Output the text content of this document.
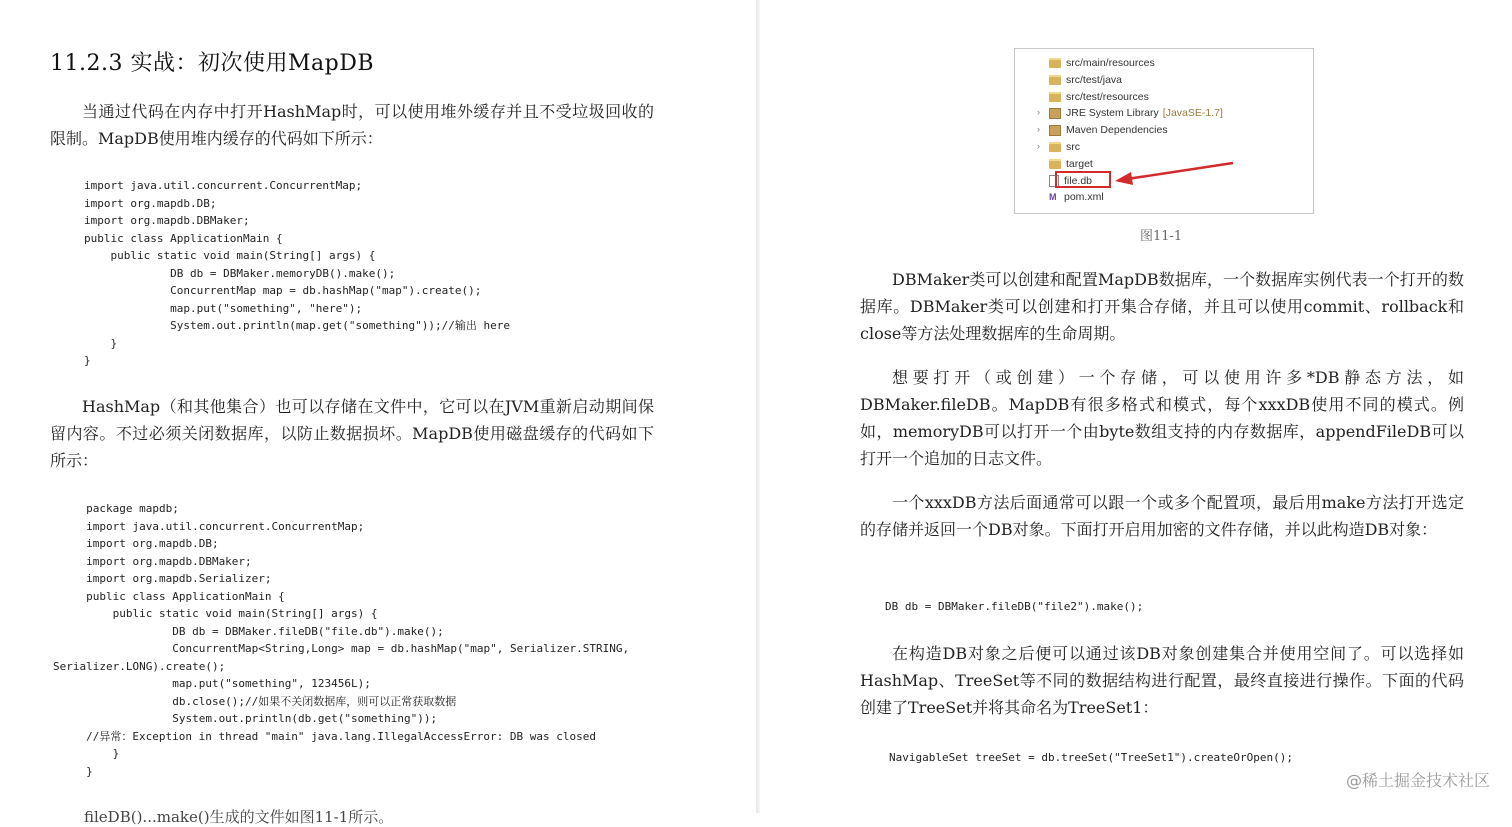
11.2.3 实战：初次使用MapDB

当通过代码在内存中打开HashMap时，可以使用堆外缓存并且不受垃圾回收的限制。MapDB使用堆内缓存的代码如下所示：

import java.util.concurrent.ConcurrentMap;
import org.mapdb.DB;
import org.mapdb.DBMaker;
public class ApplicationMain {
public static void main(String[] args) {
DB db = DBMaker.memoryDB().make();
ConcurrentMap map = db.hashMap("map").create();
map.put("something", "here");
System.out.println(map.get("something"));//输出 here
}
}

HashMap（和其他集合）也可以存储在文件中，它可以在JVM重新启动期间保留内容。不过必须关闭数据库，以防止数据损坏。MapDB使用磁盘缓存的代码如下所示：

package mapdb;
import java.util.concurrent.ConcurrentMap;
import org.mapdb.DB;
import org.mapdb.DBMaker;
import org.mapdb.Serializer;
public class ApplicationMain {
public static void main(String[] args) {
DB db = DBMaker.fileDB("file.db").make();
ConcurrentMap<String,Long> map = db.hashMap("map", Serializer.STRING,
Serializer.LONG).create();
map.put("something", 123456L);
db.close();//如果不关闭数据库，则可以正常获取数据
System.out.println(db.get("something"));
//异常：Exception in thread "main" java.lang.IllegalAccessError: DB was closed
}
}
fileDB()...make()生成的文件如图11-1所示。
src/main/resources
src/test/java
src/test/resources
› JRE System Library [JavaSE-1.7]
› Maven Dependencies
› src
target
file.db
M pom.xml
图11-1

DBMaker类可以创建和配置MapDB数据库，一个数据库实例代表一个打开的数据库。DBMaker类可以创建和打开集合存储，并且可以使用commit、rollback和close等方法处理数据库的生命周期。

想要打开（或创建）一个存储，可以使用许多*DB静态方法，如DBMaker.fileDB。MapDB有很多格式和模式，每个xxxDB使用不同的模式。例如，memoryDB可以打开一个由byte数组支持的内存数据库，appendFileDB可以打开一个追加的日志文件。

一个xxxDB方法后面通常可以跟一个或多个配置项，最后用make方法打开选定的存储并返回一个DB对象。下面打开启用加密的文件存储，并以此构造DB对象：

DB db = DBMaker.fileDB("file2").make();

在构造DB对象之后便可以通过该DB对象创建集合并使用空间了。可以选择如HashMap、TreeSet等不同的数据结构进行配置，最终直接进行操作。下面的代码创建了TreeSet并将其命名为TreeSet1：

NavigableSet treeSet = db.treeSet("TreeSet1").createOrOpen();
@稀土掘金技术社区
